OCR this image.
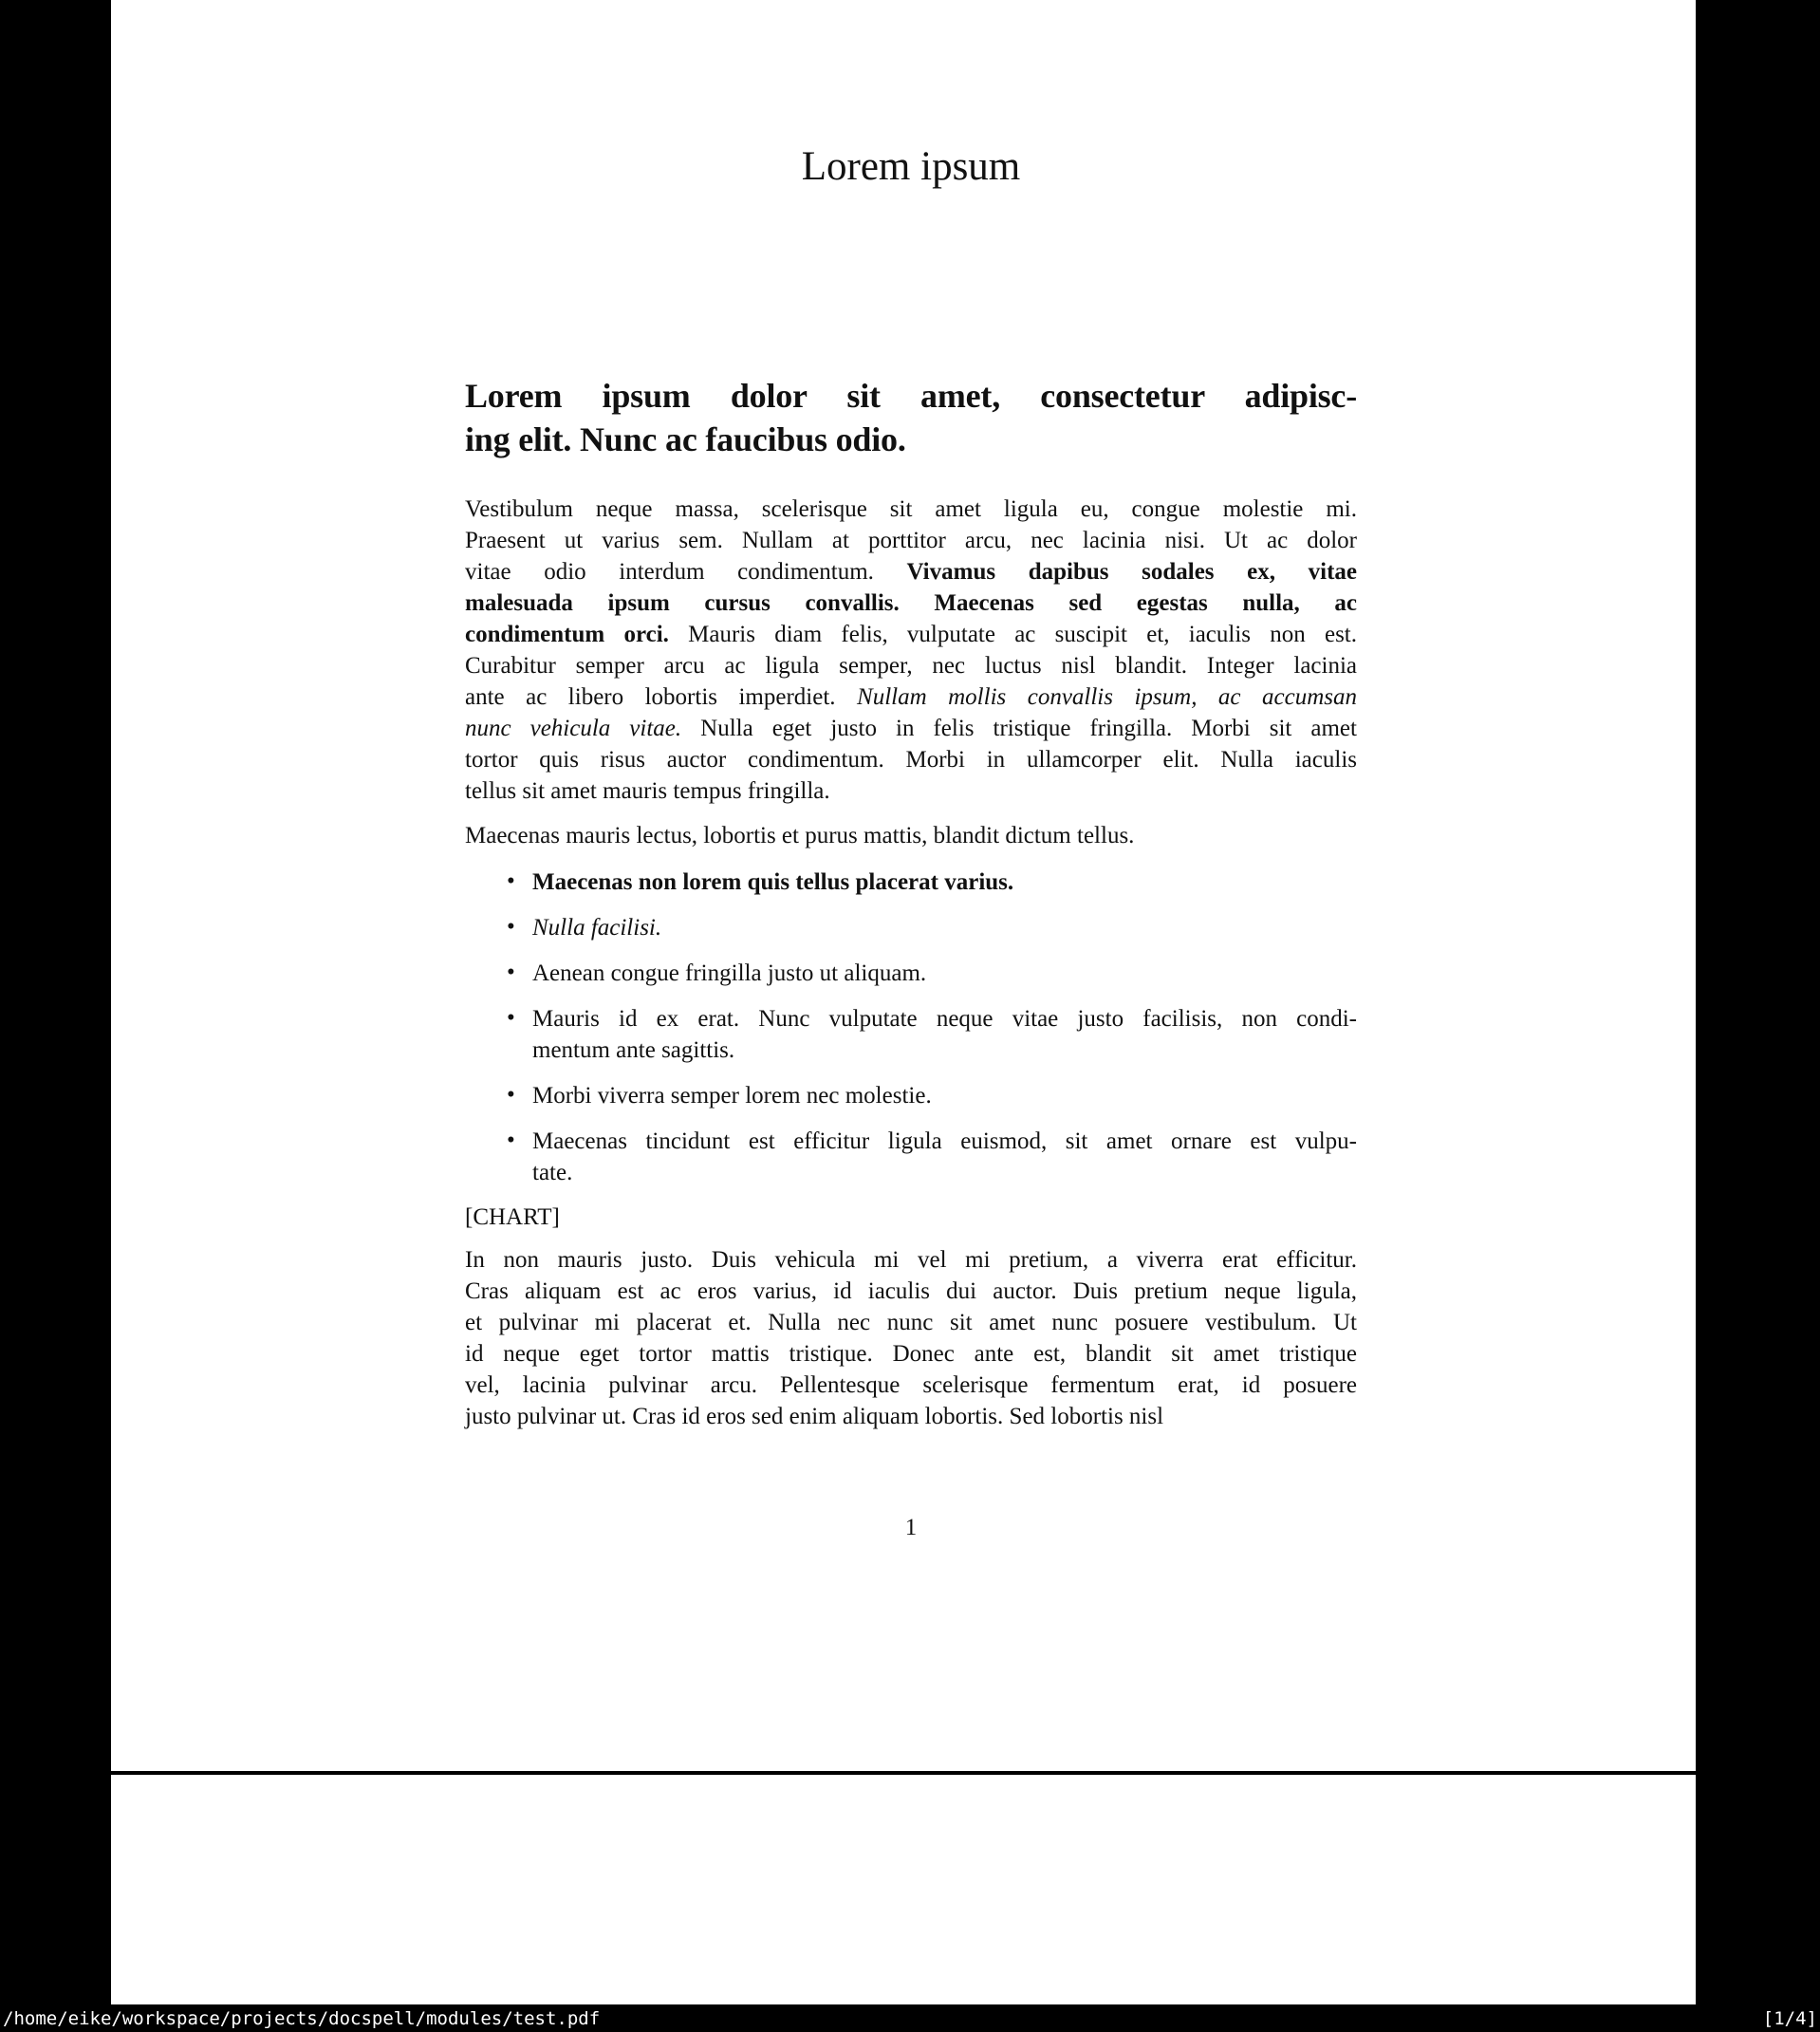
Lorem ipsum
Lorem ipsum dolor sit amet, consectetur adipisc-
ing elit. Nunc ac faucibus odio.
Vestibulum neque massa, scelerisque sit amet ligula eu, congue molestie mi.
Praesent ut varius sem. Nullam at porttitor arcu, nec lacinia nisi. Ut ac dolor
vitae odio interdum condimentum. Vivamus dapibus sodales ex, vitae
malesuada ipsum cursus convallis. Maecenas sed egestas nulla, ac
condimentum orci. Mauris diam felis, vulputate ac suscipit et, iaculis non est.
Curabitur semper arcu ac ligula semper, nec luctus nisl blandit. Integer lacinia
ante ac libero lobortis imperdiet. Nullam mollis convallis ipsum, ac accumsan
nunc vehicula vitae. Nulla eget justo in felis tristique fringilla. Morbi sit amet
tortor quis risus auctor condimentum. Morbi in ullamcorper elit. Nulla iaculis
tellus sit amet mauris tempus fringilla.
Maecenas mauris lectus, lobortis et purus mattis, blandit dictum tellus.
• Maecenas non lorem quis tellus placerat varius.
• Nulla facilisi.
• Aenean congue fringilla justo ut aliquam.
• Mauris id ex erat. Nunc vulputate neque vitae justo facilisis, non condi-
mentum ante sagittis.
• Morbi viverra semper lorem nec molestie.
• Maecenas tincidunt est efficitur ligula euismod, sit amet ornare est vulpu-
tate.
[CHART]
In non mauris justo. Duis vehicula mi vel mi pretium, a viverra erat efficitur.
Cras aliquam est ac eros varius, id iaculis dui auctor. Duis pretium neque ligula,
et pulvinar mi placerat et. Nulla nec nunc sit amet nunc posuere vestibulum. Ut
id neque eget tortor mattis tristique. Donec ante est, blandit sit amet tristique
vel, lacinia pulvinar arcu. Pellentesque scelerisque fermentum erat, id posuere
justo pulvinar ut. Cras id eros sed enim aliquam lobortis. Sed lobortis nisl
1
/home/eike/workspace/projects/docspell/modules/test.pdf	[1/4]
